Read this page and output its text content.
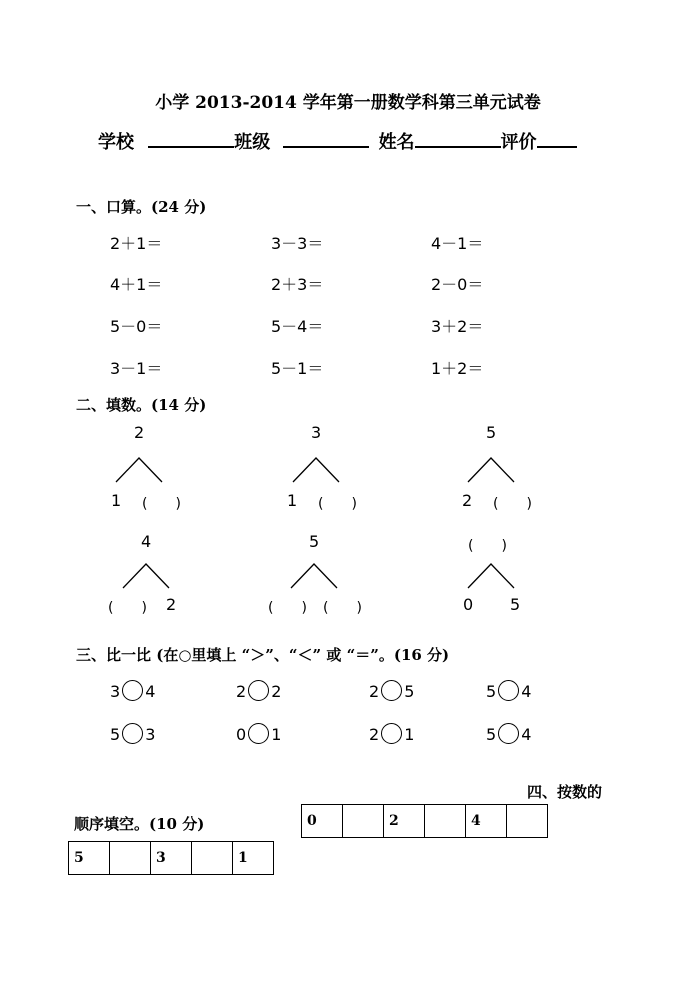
小学 2013-2014 学年第一册数学科第三单元试卷
学校	班级	姓名	评价
一、口算。(24 分)
2＋1＝	3－3＝	4－1＝
4＋1＝	2＋3＝	2－0＝
5－0＝	5－4＝	3＋2＝
3－1＝	5－1＝	1＋2＝
二、填数。(14 分)
2
1 (　　)
3
1 (　　)
5
2 (　　)
4
(　　) 2
5
(　　) (　　)
(　　)
0 5
三、比一比 (在○里填上 “＞”、“＜” 或 “＝”。(16 分)
3 4	2 2	2 5	5 4
5 3	0 1	2 1	5 4
四、按数的
顺序填空。(10 分)	0		2		4	
5		3		1
